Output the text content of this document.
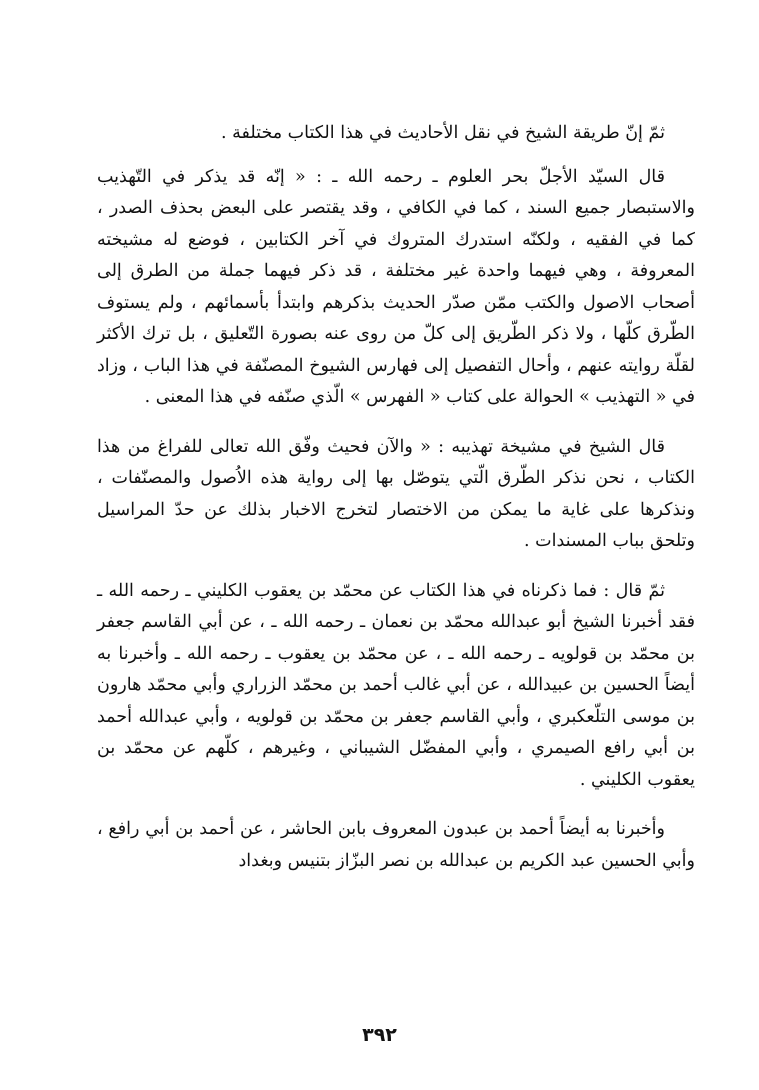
ثمّ إنّ طريقة الشيخ في نقل الأحاديث في هذا الكتاب مختلفة .

قال السيّد الأجلّ بحر العلوم ـ رحمه الله ـ : « إنّه قد يذكر في التّهذيب والاستبصار جميع السند ، كما في الكافي ، وقد يقتصر على البعض بحذف الصدر ، كما في الفقيه ، ولكنّه استدرك المتروك في آخر الكتابين ، فوضع له مشيخته المعروفة ، وهي فيهما واحدة غير مختلفة ، قد ذكر فيهما جملة من الطرق إلى أصحاب الاصول والكتب ممّن صدّر الحديث بذكرهم وابتدأ بأسمائهم ، ولم يستوف الطّرق كلّها ، ولا ذكر الطّريق إلى كلّ من روى عنه بصورة التّعليق ، بل ترك الأكثر لقلّة روايته عنهم ، وأحال التفصيل إلى فهارس الشيوخ المصنّفة في هذا الباب ، وزاد في « التهذيب » الحوالة على كتاب « الفهرس » الّذي صنّفه في هذا المعنى .

قال الشيخ في مشيخة تهذيبه : « والآن فحيث وفّق الله تعالى للفراغ من هذا الكتاب ، نحن نذكر الطّرق الّتي يتوصّل بها إلى رواية هذه الاُصول والمصنّفات ، ونذكرها على غاية ما يمكن من الاختصار لتخرج الاخبار بذلك عن حدّ المراسيل وتلحق بباب المسندات .

ثمّ قال : فما ذكرناه في هذا الكتاب عن محمّد بن يعقوب الكليني ـ رحمه الله ـ فقد أخبرنا الشيخ أبو عبدالله محمّد بن نعمان ـ رحمه الله ـ ، عن أبي القاسم جعفر بن محمّد بن قولويه ـ رحمه الله ـ ، عن محمّد بن يعقوب ـ رحمه الله ـ وأخبرنا به أيضاً الحسين بن عبيدالله ، عن أبي غالب أحمد بن محمّد الزراري وأبي محمّد هارون بن موسى التلّعكبري ، وأبي القاسم جعفر بن محمّد بن قولويه ، وأبي عبدالله أحمد بن أبي رافع الصيمري ، وأبي المفضّل الشيباني ، وغيرهم ، كلّهم عن محمّد بن يعقوب الكليني .

وأخبرنا به أيضاً أحمد بن عبدون المعروف بابن الحاشر ، عن أحمد بن أبي رافع ، وأبي الحسين عبد الكريم بن عبدالله بن نصر البزّاز بتنيس وبغداد

٣٩٢
